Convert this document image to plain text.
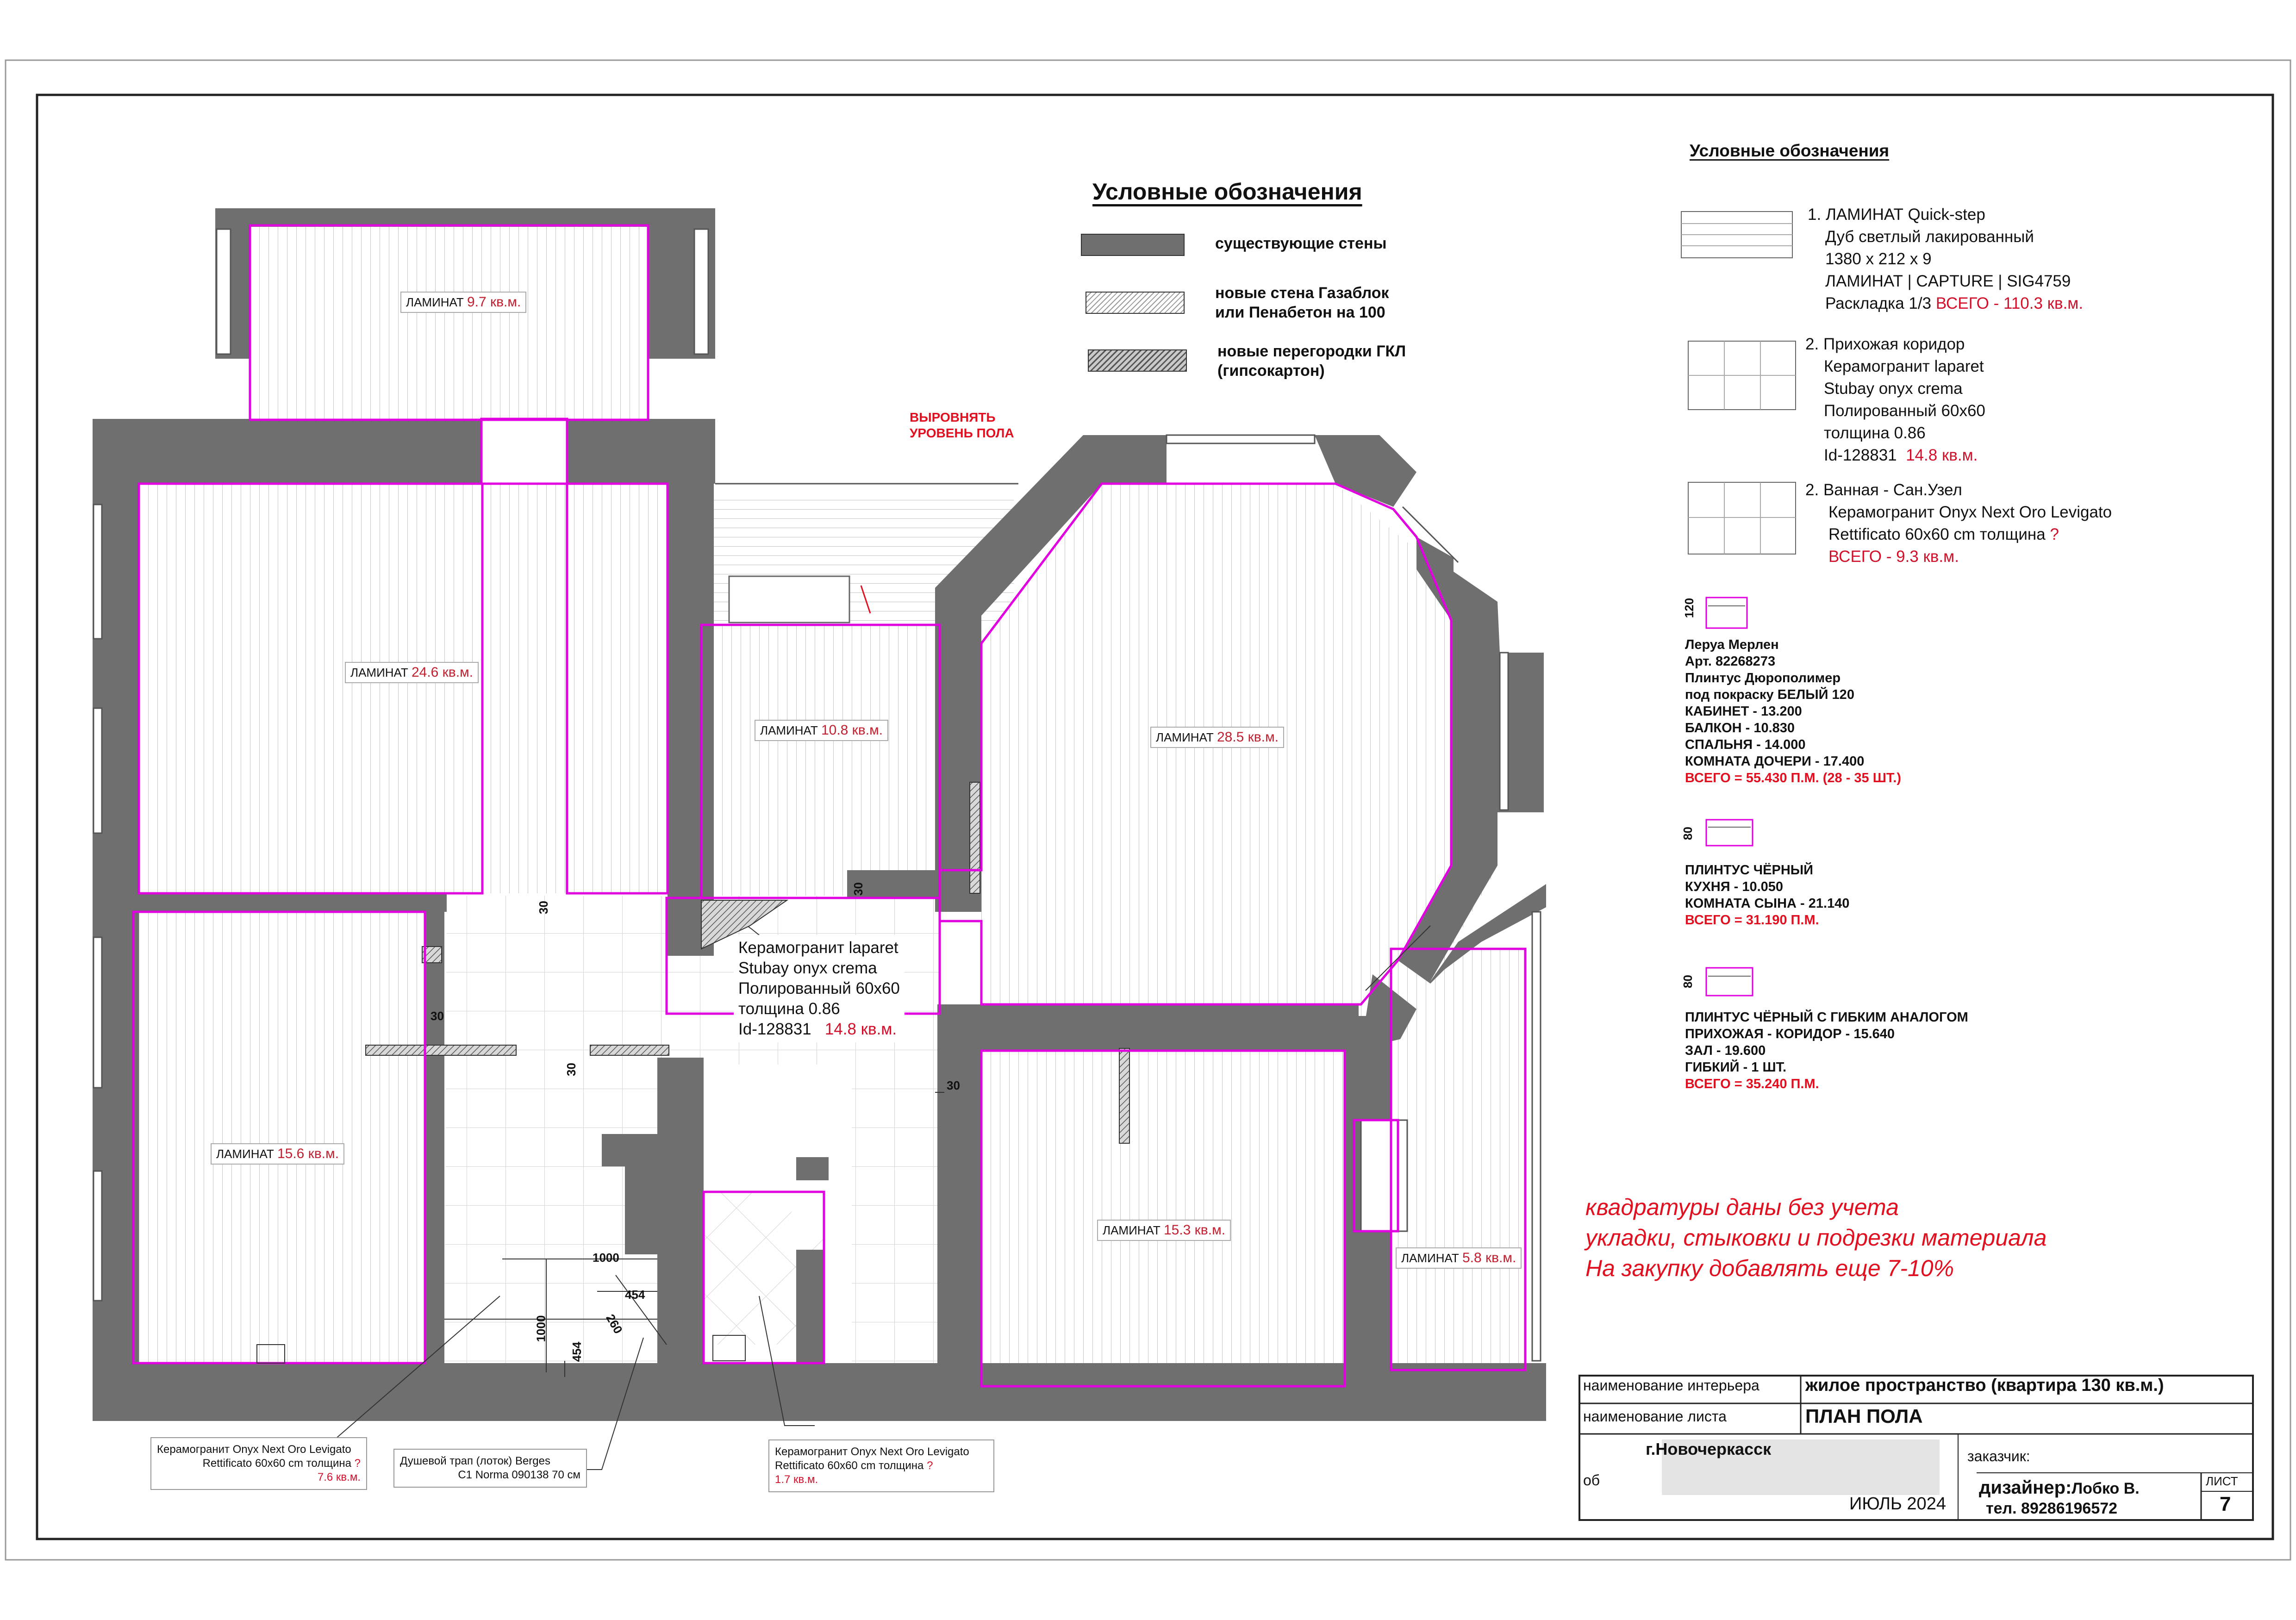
Условные обозначения
существующие стены
новые стена Газаблок
или Пенабетон на 100
новые перегородки ГКЛ
(гипсокартон)
ЛАМИНАТ 9.7 кв.м.
ЛАМИНАТ 24.6 кв.м.
ЛАМИНАТ 10.8 кв.м.	ЛАМИНАТ 28.5 кв.м.
ЛАМИНАТ 15.6 кв.м.
ЛАМИНАТ 15.3 кв.м.
ЛАМИНАТ 5.8 кв.м.
ВЫРОВНЯТЬ
УРОВЕНЬ ПОЛА
Керамогранит laparet
Stubay onyx crema
Полированный 60x60
толщина 0.86
Id-128831 14.8 кв.м.
30
30
30
30
30
1000
1000
454
454
260
Керамогранит Onyx Next Oro Levigato
Rettificato 60x60 cm толщина ?
7.6 кв.м.
Душевой трап (лоток) Berges
C1 Norma 090138 70 см
Керамогранит Onyx Next Oro Levigato
Rettificato 60x60 cm толщина ?
1.7 кв.м.
Условные обозначения
1. ЛАМИНАТ Quick-step
Дуб светлый лакированный
1380 x 212 x 9
ЛАМИНАТ | CAPTURE | SIG4759
Раскладка 1/3 ВСЕГО - 110.3 кв.м.
2. Прихожая коридор
Керамогранит laparet
Stubay onyx crema
Полированный 60x60
толщина 0.86
Id-128831 14.8 кв.м.
2. Ванная - Сан.Узел
Керамогранит Onyx Next Oro Levigato
Rettificato 60x60 cm толщина ?
ВСЕГО - 9.3 кв.м.
120
Леруа Мерлен
Арт. 82268273
Плинтус Дюрополимер
под покраску БЕЛЫЙ 120
КАБИНЕТ - 13.200
БАЛКОН - 10.830
СПАЛЬНЯ - 14.000
КОМНАТА ДОЧЕРИ - 17.400
ВСЕГО = 55.430 П.М. (28 - 35 ШТ.)
80
ПЛИНТУС ЧЁРНЫЙ
КУХНЯ - 10.050
КОМНАТА СЫНА - 21.140
ВСЕГО = 31.190 П.М.
80
ПЛИНТУС ЧЁРНЫЙ С ГИБКИМ АНАЛОГОМ
ПРИХОЖАЯ - КОРИДОР - 15.640
ЗАЛ - 19.600
ГИБКИЙ - 1 ШТ.
ВСЕГО = 35.240 П.М.
квадратуры даны без учета
укладки, стыковки и подрезки материала
На закупку добавлять еще 7-10%
наименование интерьера	жилое пространство (квартира 130 кв.м.)
наименование листа	ПЛАН ПОЛА
г.Новочеркасск	заказчик:
об
ИЮЛЬ 2024
дизайнер:Лобко В.
тел. 89286196572
ЛИСТ
7
